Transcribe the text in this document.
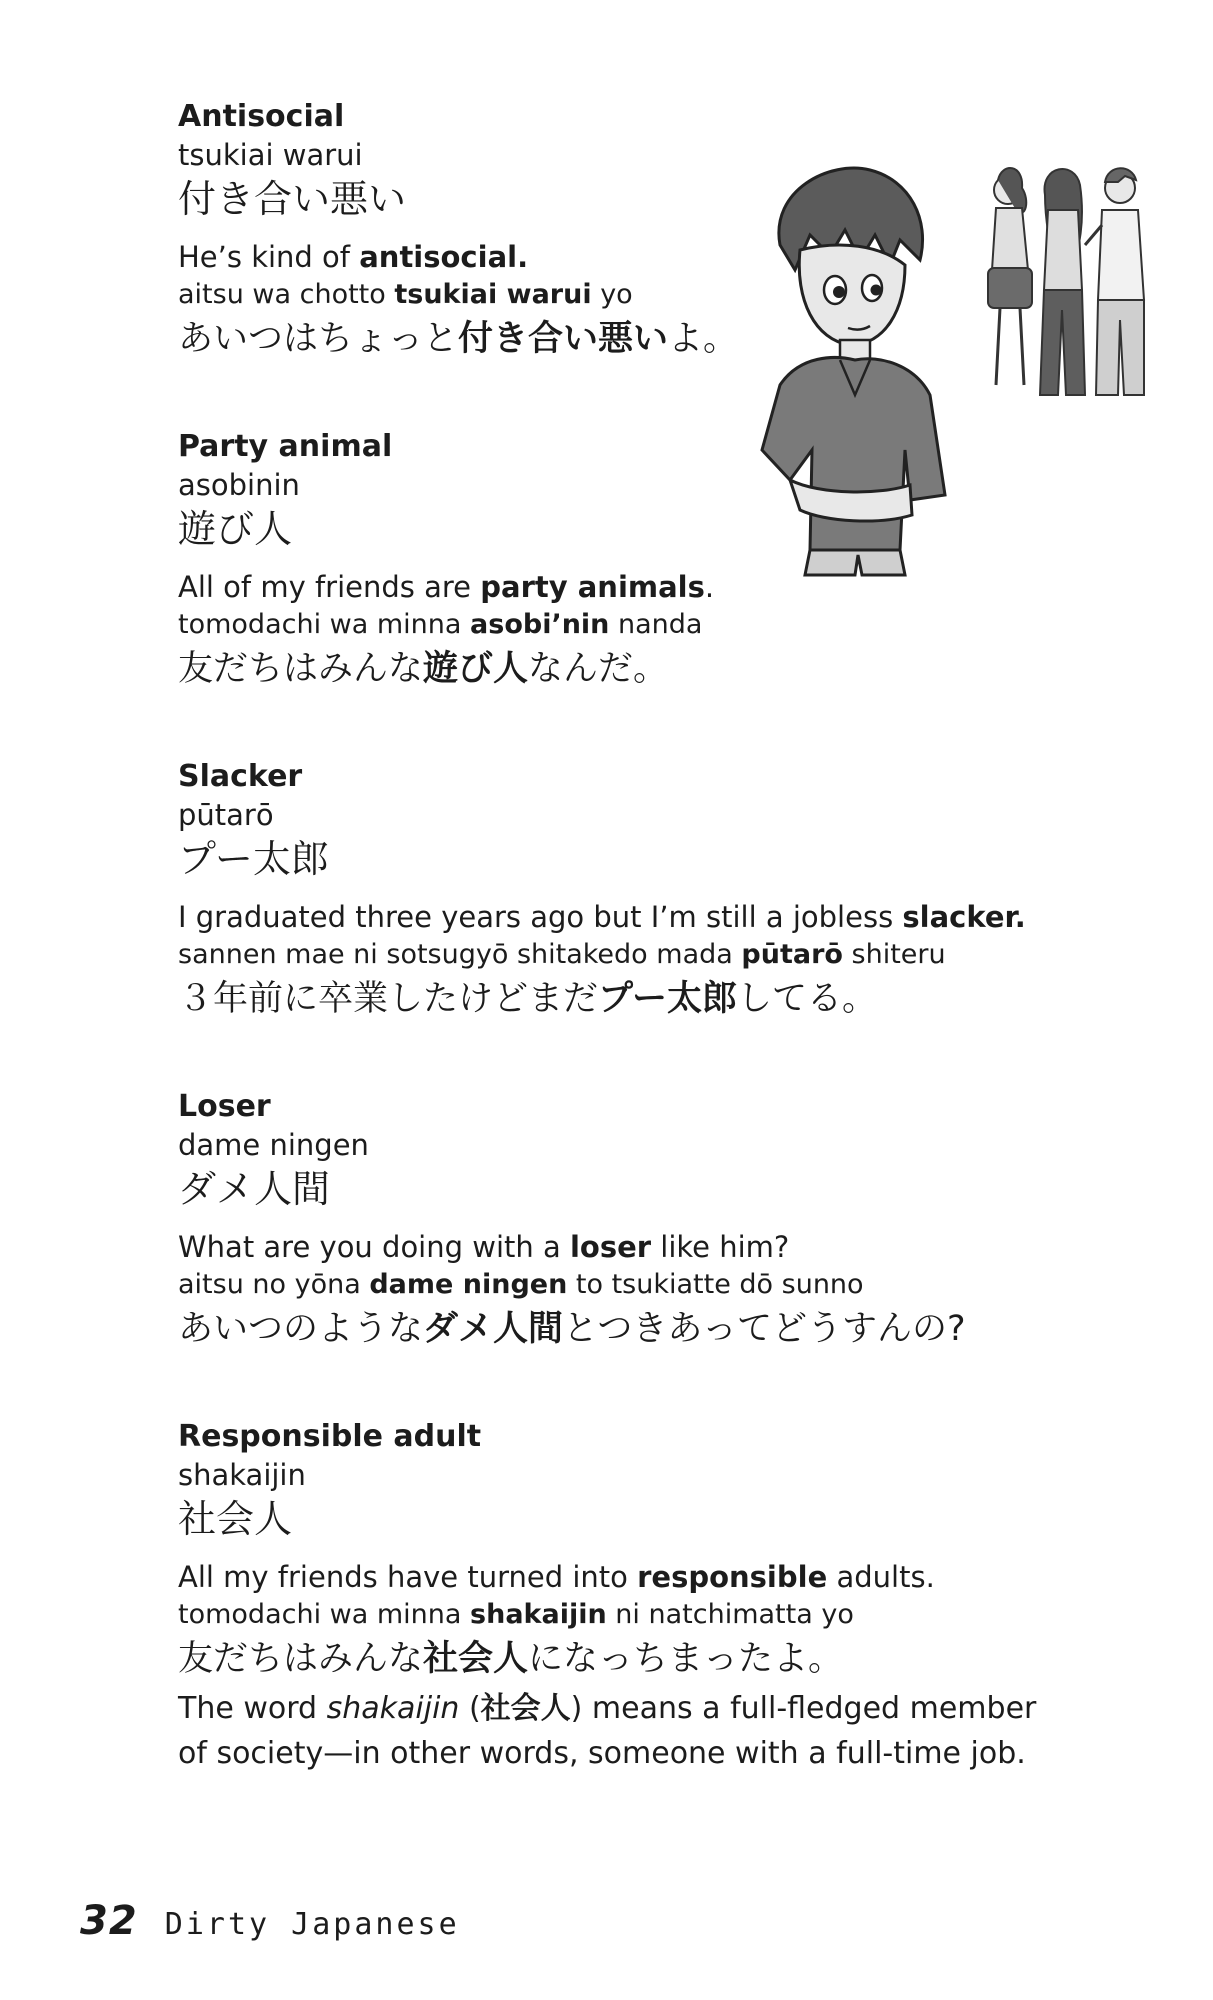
Antisocial
tsukiai warui
付き合い悪い
He’s kind of antisocial.
aitsu wa chotto tsukiai warui yo
あいつはちょっと付き合い悪いよ。
Party animal
asobinin
遊び人
All of my friends are party animals.
tomodachi wa minna asobi’nin nanda
友だちはみんな遊び人なんだ。
Slacker
pūtarō
プー太郎
I graduated three years ago but I’m still a jobless slacker.
sannen mae ni sotsugyō shitakedo mada pūtarō shiteru
３年前に卒業したけどまだプー太郎してる。
Loser
dame ningen
ダメ人間
What are you doing with a loser like him?
aitsu no yōna dame ningen to tsukiatte dō sunno
あいつのようなダメ人間とつきあってどうすんの?
Responsible adult
shakaijin
社会人
All my friends have turned into responsible adults.
tomodachi wa minna shakaijin ni natchimatta yo
友だちはみんな社会人になっちまったよ。
The word shakaijin (社会人) means a full-fledged member
of society—in other words, someone with a full-time job.
32 Dirty Japanese
